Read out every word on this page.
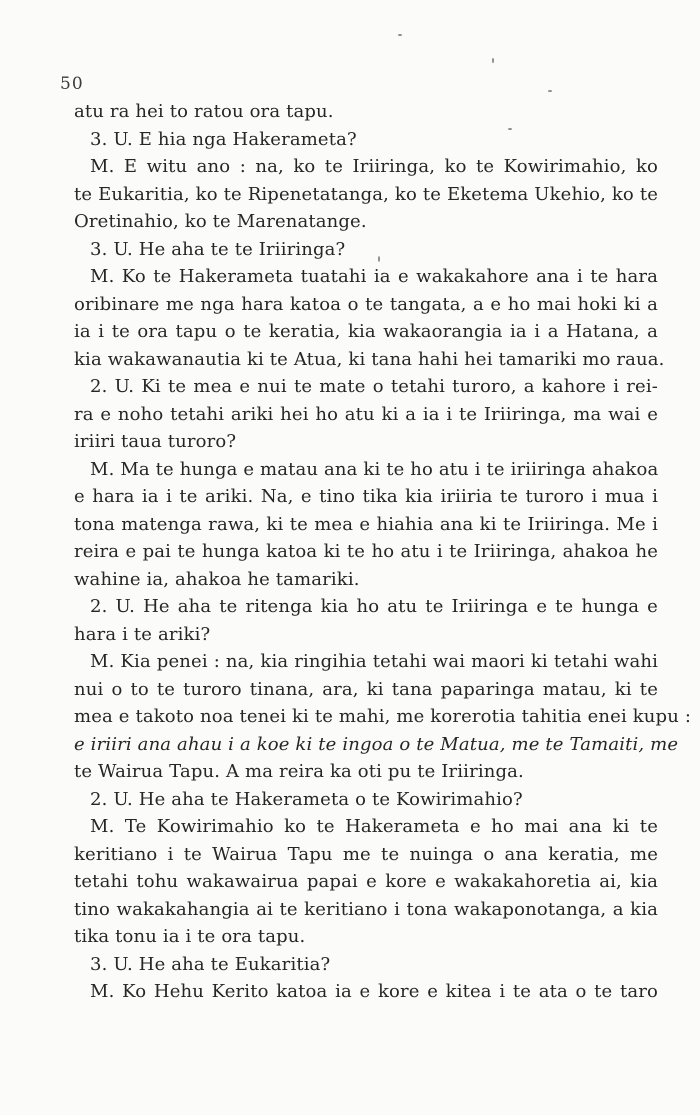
50
atu ra hei to ratou ora tapu.
3. U. E hia nga Hakerameta?
M. E witu ano : na, ko te Iriiringa, ko te Kowirimahio, ko
te Eukaritia, ko te Ripenetatanga, ko te Eketema Ukehio, ko te
Oretinahio, ko te Marenatange.
3. U. He aha te te Iriiringa?
M. Ko te Hakerameta tuatahi ia e wakakahore ana i te hara
oribinare me nga hara katoa o te tangata, a e ho mai hoki ki a
ia i te ora tapu o te keratia, kia wakaorangia ia i a Hatana, a
kia wakawanautia ki te Atua, ki tana hahi hei tamariki mo raua.
2. U. Ki te mea e nui te mate o tetahi turoro, a kahore i rei-
ra e noho tetahi ariki hei ho atu ki a ia i te Iriiringa, ma wai e
iriiri taua turoro?
M. Ma te hunga e matau ana ki te ho atu i te iriiringa ahakoa
e hara ia i te ariki. Na, e tino tika kia iriiria te turoro i mua i
tona matenga rawa, ki te mea e hiahia ana ki te Iriiringa. Me i
reira e pai te hunga katoa ki te ho atu i te Iriiringa, ahakoa he
wahine ia, ahakoa he tamariki.
2. U. He aha te ritenga kia ho atu te Iriiringa e te hunga e
hara i te ariki?
M. Kia penei : na, kia ringihia tetahi wai maori ki tetahi wahi
nui o to te turoro tinana, ara, ki tana paparinga matau, ki te
mea e takoto noa tenei ki te mahi, me korerotia tahitia enei kupu :
e iriiri ana ahau i a koe ki te ingoa o te Matua, me te Tamaiti, me
te Wairua Tapu. A ma reira ka oti pu te Iriiringa.
2. U. He aha te Hakerameta o te Kowirimahio?
M. Te Kowirimahio ko te Hakerameta e ho mai ana ki te
keritiano i te Wairua Tapu me te nuinga o ana keratia, me
tetahi tohu wakawairua papai e kore e wakakahoretia ai, kia
tino wakakahangia ai te keritiano i tona wakaponotanga, a kia
tika tonu ia i te ora tapu.
3. U. He aha te Eukaritia?
M. Ko Hehu Kerito katoa ia e kore e kitea i te ata o te taro
